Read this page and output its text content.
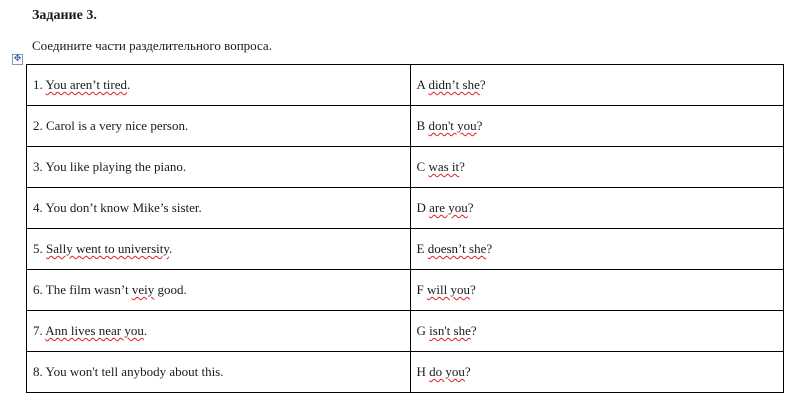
Задание 3.
Соедините части разделительного вопроса.
✥
1. You aren’t tired.	A didn’t she?
2. Carol is a very nice person.	B don't you?
3. You like playing the piano.	C was it?
4. You don’t know Mike’s sister.	D are you?
5. Sally went to university.	E doesn’t she?
6. The film wasn’t veiy good.	F will you?
7. Ann lives near you.	G isn't she?
8. You won't tell anybody about this.	H do you?
